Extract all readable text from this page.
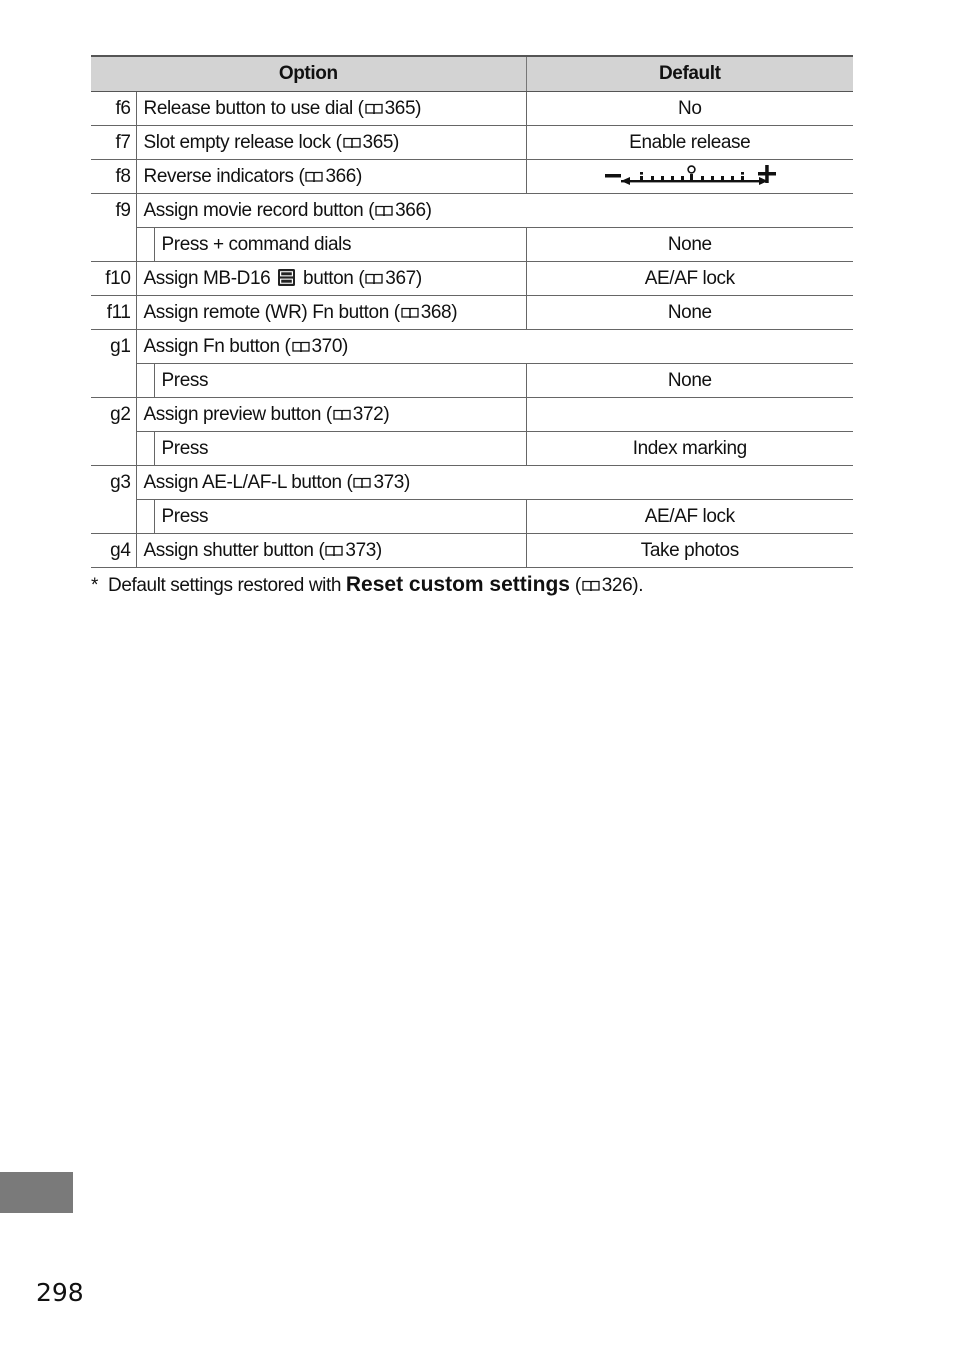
Option			Default
f6	Release button to use dial ( 365)		No
f7	Slot empty release lock ( 365)		Enable release
f8	Reverse indicators ( 366)	
f9	Assign movie record button ( 366)		
		Press + command dials	None
f10	Assign MB-D16  button ( 367)		AE/AF lock
f11	Assign remote (WR) Fn button ( 368)		None
g1	Assign Fn button ( 370)		
		Press	None
g2	Assign preview button ( 372)		
		Press	Index marking
g3	Assign AE-L/AF-L button ( 373)		
		Press	AE/AF lock
g4	Assign shutter button ( 373)		Take photos
* Default settings restored with Reset custom settings ( 326).
298
